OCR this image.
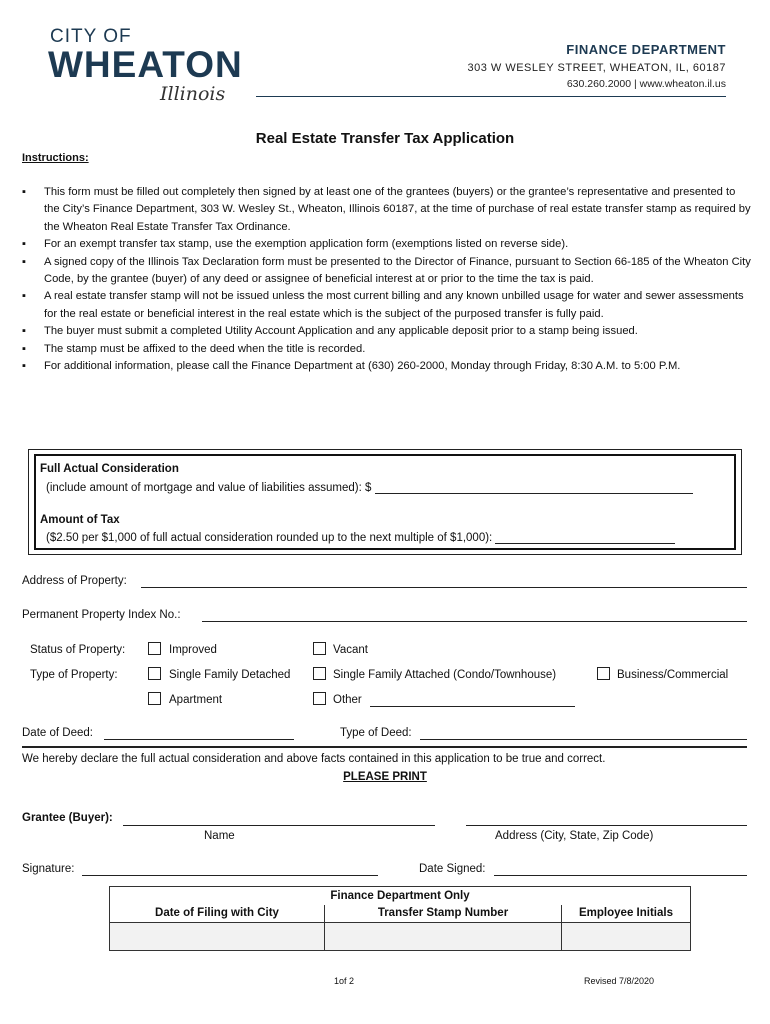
CITY OF
WHEATON
Illinois
FINANCE DEPARTMENT
303 W WESLEY STREET, WHEATON, IL, 60187
630.260.2000 | www.wheaton.il.us
Real Estate Transfer Tax Application
Instructions:
▪ This form must be filled out completely then signed by at least one of the grantees (buyers) or the grantee’s representative and presented to the City’s Finance Department, 303 W. Wesley St., Wheaton, Illinois 60187, at the time of purchase of real estate transfer stamp as required by the Wheaton Real Estate Transfer Tax Ordinance.
▪ For an exempt transfer tax stamp, use the exemption application form (exemptions listed on reverse side).
▪ A signed copy of the Illinois Tax Declaration form must be presented to the Director of Finance, pursuant to Section 66-185 of the Wheaton City Code, by the grantee (buyer) of any deed or assignee of beneficial interest at or prior to the time the tax is paid.
▪ A real estate transfer stamp will not be issued unless the most current billing and any known unbilled usage for water and sewer assessments for the real estate or beneficial interest in the real estate which is the subject of the purposed transfer is fully paid.
▪ The buyer must submit a completed Utility Account Application and any applicable deposit prior to a stamp being issued.
▪ The stamp must be affixed to the deed when the title is recorded.
▪ For additional information, please call the Finance Department at (630) 260-2000, Monday through Friday, 8:30 A.M. to 5:00 P.M.
Full Actual Consideration
(include amount of mortgage and value of liabilities assumed): $
Amount of Tax
($2.50 per $1,000 of full actual consideration rounded up to the next multiple of $1,000):
Address of Property:
Permanent Property Index No.:
Status of Property:	Improved	Vacant
Type of Property:	Single Family Detached	Single Family Attached (Condo/Townhouse)	Business/Commercial
Apartment	Other
Date of Deed:	Type of Deed:
We hereby declare the full actual consideration and above facts contained in this application to be true and correct.
PLEASE PRINT
Grantee (Buyer):
Name	Address (City, State, Zip Code)
Signature:	Date Signed:
Finance Department Only		
Date of Filing with City	Transfer Stamp Number	Employee Initials

1of 2	Revised 7/8/2020
